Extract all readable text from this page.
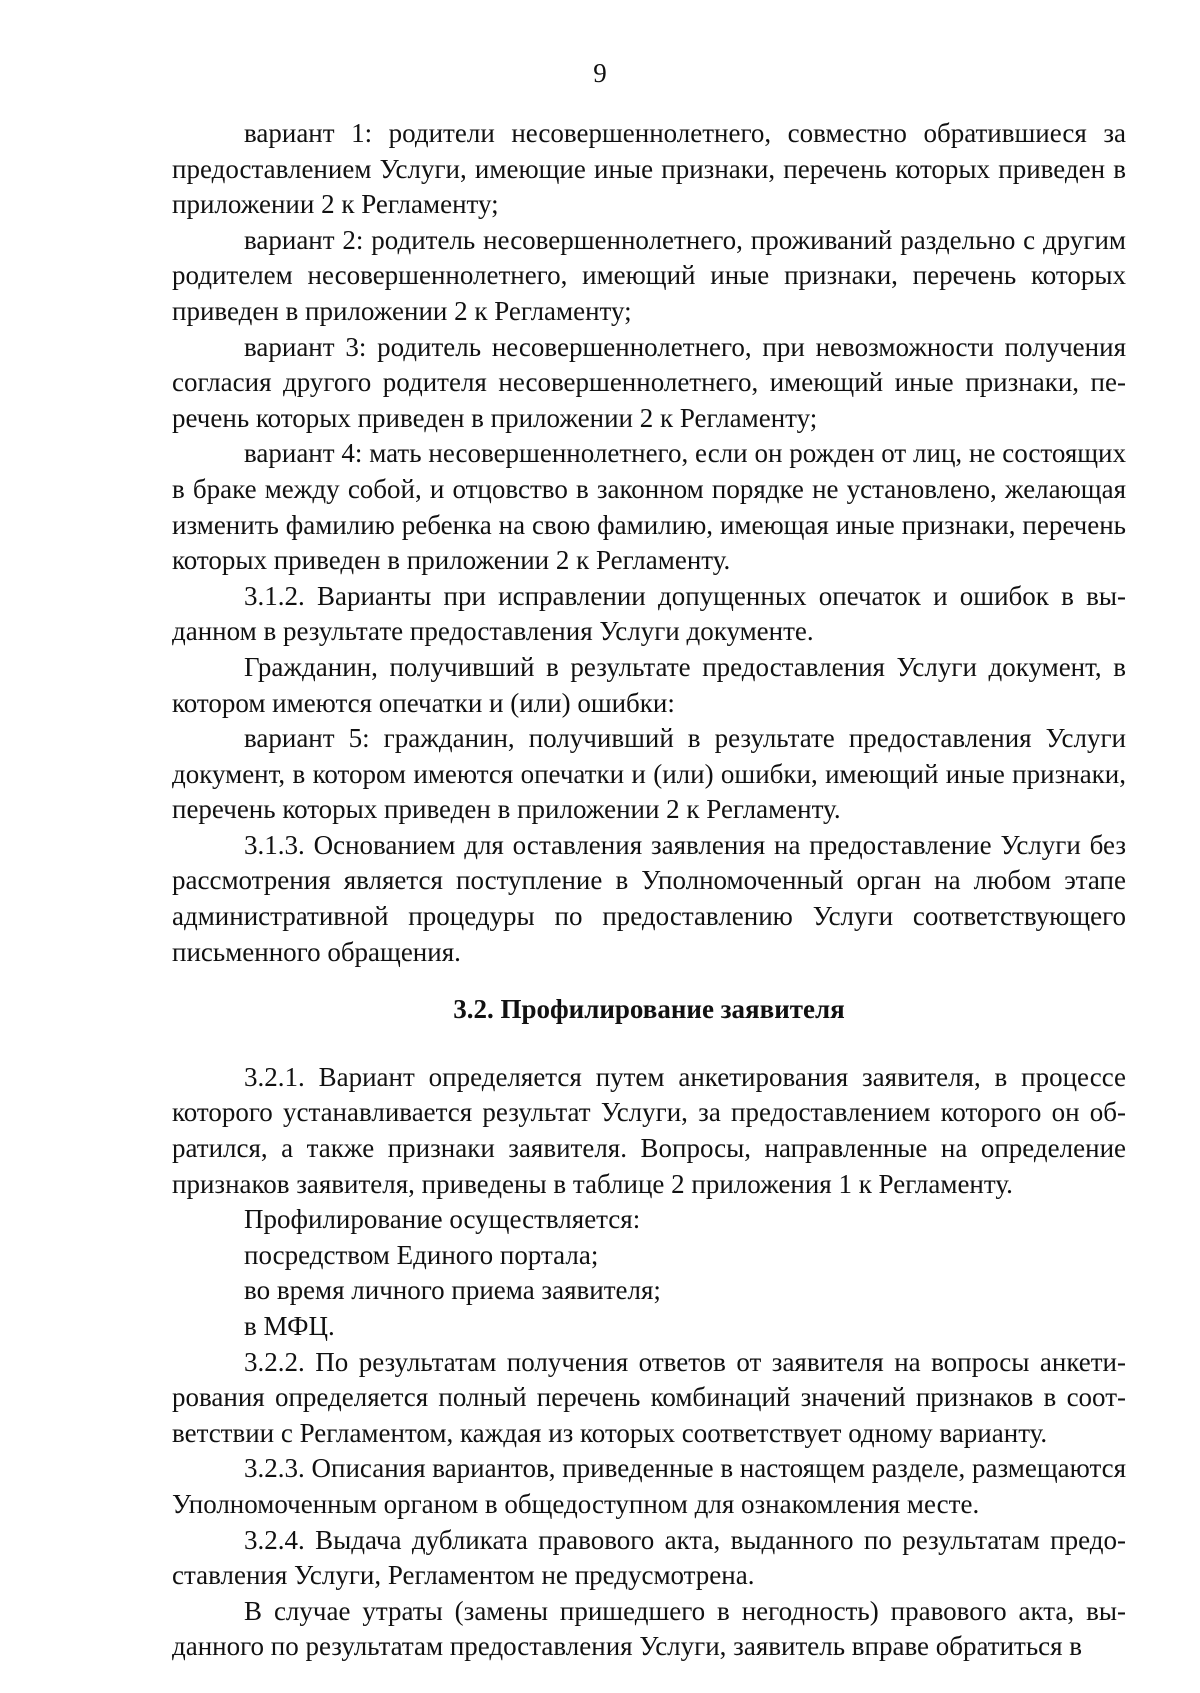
9

вариант 1: родители несовершеннолетнего, совместно обратившиеся за предоставлением Услуги, имеющие иные признаки, перечень которых приведен в приложении 2 к Регламенту;

вариант 2: родитель несовершеннолетнего, проживаний раздельно с другим родителем несовершеннолетнего, имеющий иные признаки, перечень которых приведен в приложении 2 к Регламенту;

вариант 3: родитель несовершеннолетнего, при невозможности получения согласия другого родителя несовершеннолетнего, имеющий иные признаки, перечень которых приведен в приложении 2 к Регламенту;

вариант 4: мать несовершеннолетнего, если он рожден от лиц, не состоящих в браке между собой, и отцовство в законном порядке не установлено, желающая изменить фамилию ребенка на свою фамилию, имеющая иные признаки, перечень которых приведен в приложении 2 к Регламенту.

3.1.2. Варианты при исправлении допущенных опечаток и ошибок в выданном в результате предоставления Услуги документе.

Гражданин, получивший в результате предоставления Услуги документ, в котором имеются опечатки и (или) ошибки:

вариант 5: гражданин, получивший в результате предоставления Услуги документ, в котором имеются опечатки и (или) ошибки, имеющий иные признаки, перечень которых приведен в приложении 2 к Регламенту.

3.1.3. Основанием для оставления заявления на предоставление Услуги без рассмотрения является поступление в Уполномоченный орган на любом этапе административной процедуры по предоставлению Услуги соответствующего письменного обращения.

3.2. Профилирование заявителя

3.2.1. Вариант определяется путем анкетирования заявителя, в процессе которого устанавливается результат Услуги, за предоставлением которого он обратился, а также признаки заявителя. Вопросы, направленные на определение признаков заявителя, приведены в таблице 2 приложения 1 к Регламенту.

Профилирование осуществляется:

посредством Единого портала;

во время личного приема заявителя;

в МФЦ.

3.2.2. По результатам получения ответов от заявителя на вопросы анкетирования определяется полный перечень комбинаций значений признаков в соответствии с Регламентом, каждая из которых соответствует одному варианту.

3.2.3. Описания вариантов, приведенные в настоящем разделе, размещаются Уполномоченным органом в общедоступном для ознакомления месте.

3.2.4. Выдача дубликата правового акта, выданного по результатам предоставления Услуги, Регламентом не предусмотрена.

В случае утраты (замены пришедшего в негодность) правового акта, выданного по результатам предоставления Услуги, заявитель вправе обратиться в
